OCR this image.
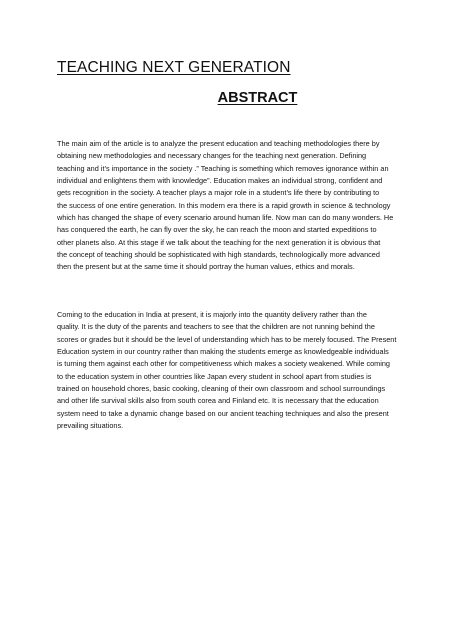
TEACHING NEXT GENERATION
ABSTRACT
The main aim of the article is to analyze the present education and teaching methodologies there by
obtaining new methodologies and necessary changes for the teaching next generation. Defining
teaching and it’s importance in the society .” Teaching is something which removes ignorance within an
individual and enlightens them with knowledge”. Education makes an individual strong, confident and
gets recognition in the society. A teacher plays a major role in a student’s life there by contributing to
the success of one entire generation. In this modern era there is a rapid growth in science & technology
which has changed the shape of every scenario around human life. Now man can do many wonders. He
has conquered the earth, he can fly over the sky, he can reach the moon and started expeditions to
other planets also. At this stage if we talk about the teaching for the next generation it is obvious that
the concept of teaching should be sophisticated with high standards, technologically more advanced
then the present but at the same time it should portray the human values, ethics and morals.
Coming to the education in India at present, it is majorly into the quantity delivery rather than the
quality. It is the duty of the parents and teachers to see that the children are not running behind the
scores or grades but it should be the level of understanding which has to be merely focused. The Present
Education system in our country rather than making the students emerge as knowledgeable individuals
is turning them against each other for competitiveness which makes a society weakened. While coming
to the education system in other countries like Japan every student in school apart from studies is
trained on household chores, basic cooking, cleaning of their own classroom and school surroundings
and other life survival skills also from south corea and Finland etc. It is necessary that the education
system need to take a dynamic change based on our ancient teaching techniques and also the present
prevailing situations.
